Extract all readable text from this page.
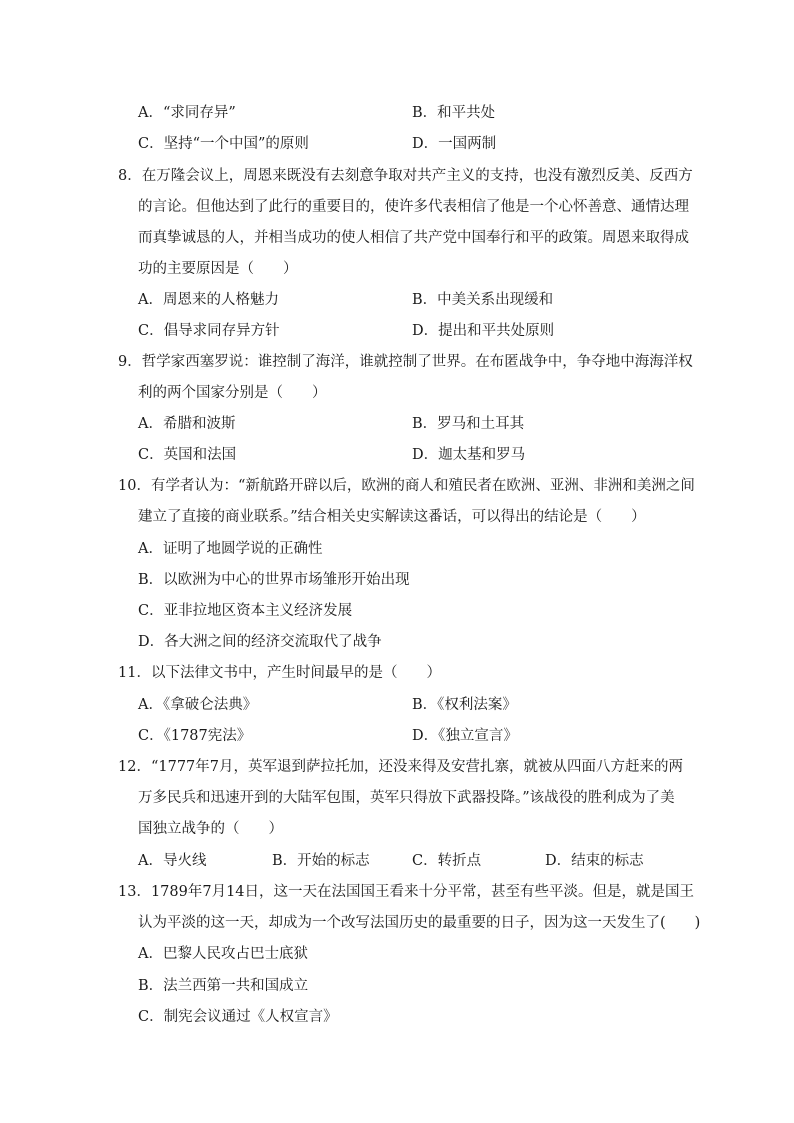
A．“求同存异”	B．和平共处
C．坚持“一个中国”的原则	D．一国两制
8．在万隆会议上，周恩来既没有去刻意争取对共产主义的支持，也没有激烈反美、反西方
的言论。但他达到了此行的重要目的，使许多代表相信了他是一个心怀善意、通情达理
而真挚诚恳的人，并相当成功的使人相信了共产党中国奉行和平的政策。周恩来取得成
功的主要原因是（　　）
A．周恩来的人格魅力	B．中美关系出现缓和
C．倡导求同存异方针	D．提出和平共处原则
9．哲学家西塞罗说：谁控制了海洋，谁就控制了世界。在布匿战争中，争夺地中海海洋权
利的两个国家分别是（　　）
A．希腊和波斯	B．罗马和土耳其
C．英国和法国	D．迦太基和罗马
10．有学者认为：“新航路开辟以后，欧洲的商人和殖民者在欧洲、亚洲、非洲和美洲之间
建立了直接的商业联系。”结合相关史实解读这番话，可以得出的结论是（　　）
A．证明了地圆学说的正确性
B．以欧洲为中心的世界市场雏形开始出现
C．亚非拉地区资本主义经济发展
D．各大洲之间的经济交流取代了战争
11．以下法律文书中，产生时间最早的是（　　）
A．《拿破仑法典》	B．《权利法案》
C．《1787宪法》	D．《独立宣言》
12．“1777年7月，英军退到萨拉托加，还没来得及安营扎寨，就被从四面八方赶来的两
万多民兵和迅速开到的大陆军包围，英军只得放下武器投降。”该战役的胜利成为了美
国独立战争的（　　）
A．导火线	B．开始的标志	C．转折点	D．结束的标志
13．1789年7月14日，这一天在法国国王看来十分平常，甚至有些平淡。但是，就是国王
认为平淡的这一天，却成为一个改写法国历史的最重要的日子，因为这一天发生了(　　)
A．巴黎人民攻占巴士底狱
B．法兰西第一共和国成立
C．制宪会议通过《人权宣言》
